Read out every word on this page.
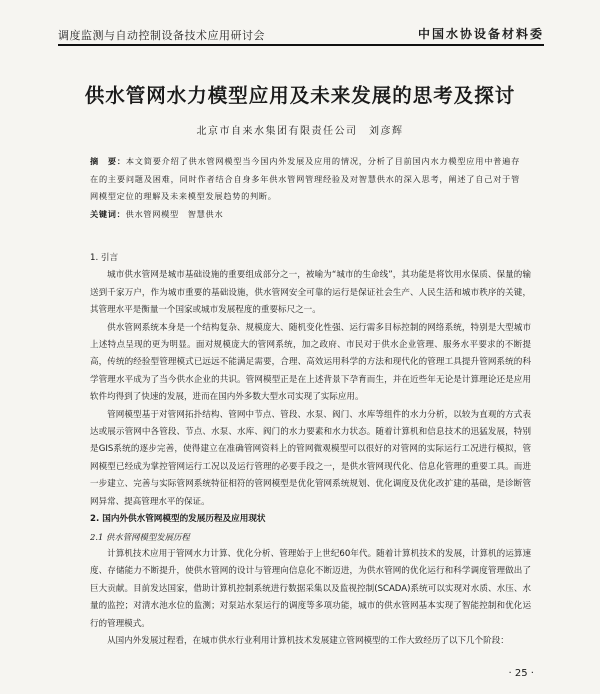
调度监测与自动控制设备技术应用研讨会	中国水协设备材料委
供水管网水力模型应用及未来发展的思考及探讨
北京市自来水集团有限责任公司　刘彦辉
摘　要：本文简要介绍了供水管网模型当今国内外发展及应用的情况，分析了目前国内水力模型应用中普遍存在的主要问题及困难，同时作者结合自身多年供水管网管理经验及对智慧供水的深入思考，阐述了自己对于管网模型定位的理解及未来模型发展趋势的判断。
关键词：供水管网模型　智慧供水
1. 引言

城市供水管网是城市基础设施的重要组成部分之一，被喻为“城市的生命线”，其功能是将饮用水保质、保量的输送到千家万户，作为城市重要的基础设施，供水管网安全可靠的运行是保证社会生产、人民生活和城市秩序的关键，其管理水平是衡量一个国家或城市发展程度的重要标尺之一。

供水管网系统本身是一个结构复杂、规模庞大、随机变化性强、运行需多目标控制的网络系统，特别是大型城市上述特点呈现的更为明显。面对规模庞大的管网系统，加之政府、市民对于供水企业管理、服务水平要求的不断提高，传统的经验型管理模式已远远不能满足需要，合理、高效运用科学的方法和现代化的管理工具提升管网系统的科学管理水平成为了当今供水企业的共识。管网模型正是在上述背景下孕育而生，并在近些年无论是计算理论还是应用软件均得到了快速的发展，进而在国内外多数大型水司实现了实际应用。

管网模型基于对管网拓扑结构、管网中节点、管段、水泵、阀门、水库等组件的水力分析，以较为直观的方式表达或展示管网中各管段、节点、水泵、水库、阀门的水力要素和水力状态。随着计算机和信息技术的迅猛发展，特别是GIS系统的逐步完善，使得建立在准确管网资料上的管网微观模型可以很好的对管网的实际运行工况进行模拟，管网模型已经成为掌控管网运行工况以及运行管理的必要手段之一，是供水管网现代化、信息化管理的重要工具。而进一步建立、完善与实际管网系统特征相符的管网模型是优化管网系统规划、优化调度及优化改扩建的基础，是诊断管网异常、提高管理水平的保证。

2. 国内外供水管网模型的发展历程及应用现状
2.1 供水管网模型发展历程

计算机技术应用于管网水力计算、优化分析、管理始于上世纪60年代。随着计算机技术的发展，计算机的运算速度、存储能力不断提升，使供水管网的设计与管理向信息化不断迈进，为供水管网的优化运行和科学调度管理做出了巨大贡献。目前发达国家，借助计算机控制系统进行数据采集以及监视控制(SCADA)系统可以实现对水质、水压、水量的监控；对清水池水位的监测；对泵站水泵运行的调度等多项功能，城市的供水管网基本实现了智能控制和优化运行的管理模式。

从国内外发展过程看，在城市供水行业利用计算机技术发展建立管网模型的工作大致经历了以下几个阶段：

· 25 ·
